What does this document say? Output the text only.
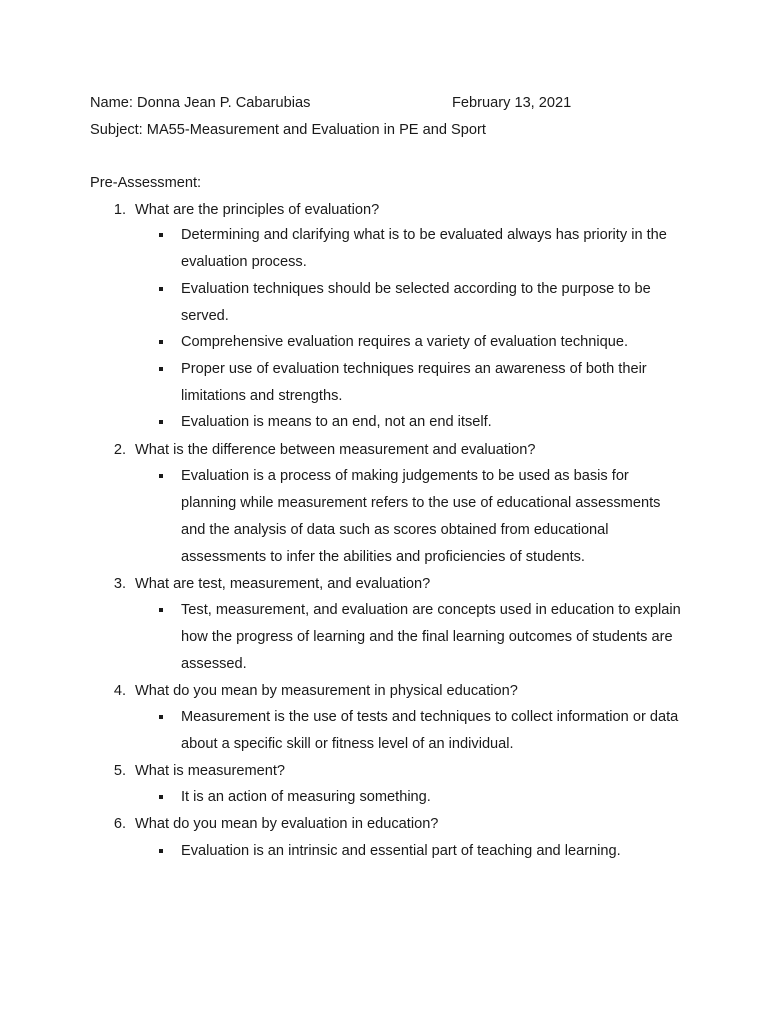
Name: Donna Jean P. Cabarubias	February 13, 2021
Subject: MA55-Measurement and Evaluation in PE and Sport
Pre-Assessment:
1. What are the principles of evaluation?
Determining and clarifying what is to be evaluated always has priority in the evaluation process.
Evaluation techniques should be selected according to the purpose to be served.
Comprehensive evaluation requires a variety of evaluation technique.
Proper use of evaluation techniques requires an awareness of both their limitations and strengths.
Evaluation is means to an end, not an end itself.
2. What is the difference between measurement and evaluation?
Evaluation is a process of making judgements to be used as basis for planning while measurement refers to the use of educational assessments and the analysis of data such as scores obtained from educational assessments to infer the abilities and proficiencies of students.
3. What are test, measurement, and evaluation?
Test, measurement, and evaluation are concepts used in education to explain how the progress of learning and the final learning outcomes of students are assessed.
4. What do you mean by measurement in physical education?
Measurement is the use of tests and techniques to collect information or data about a specific skill or fitness level of an individual.
5. What is measurement?
It is an action of measuring something.
6. What do you mean by evaluation in education?
Evaluation is an intrinsic and essential part of teaching and learning.
